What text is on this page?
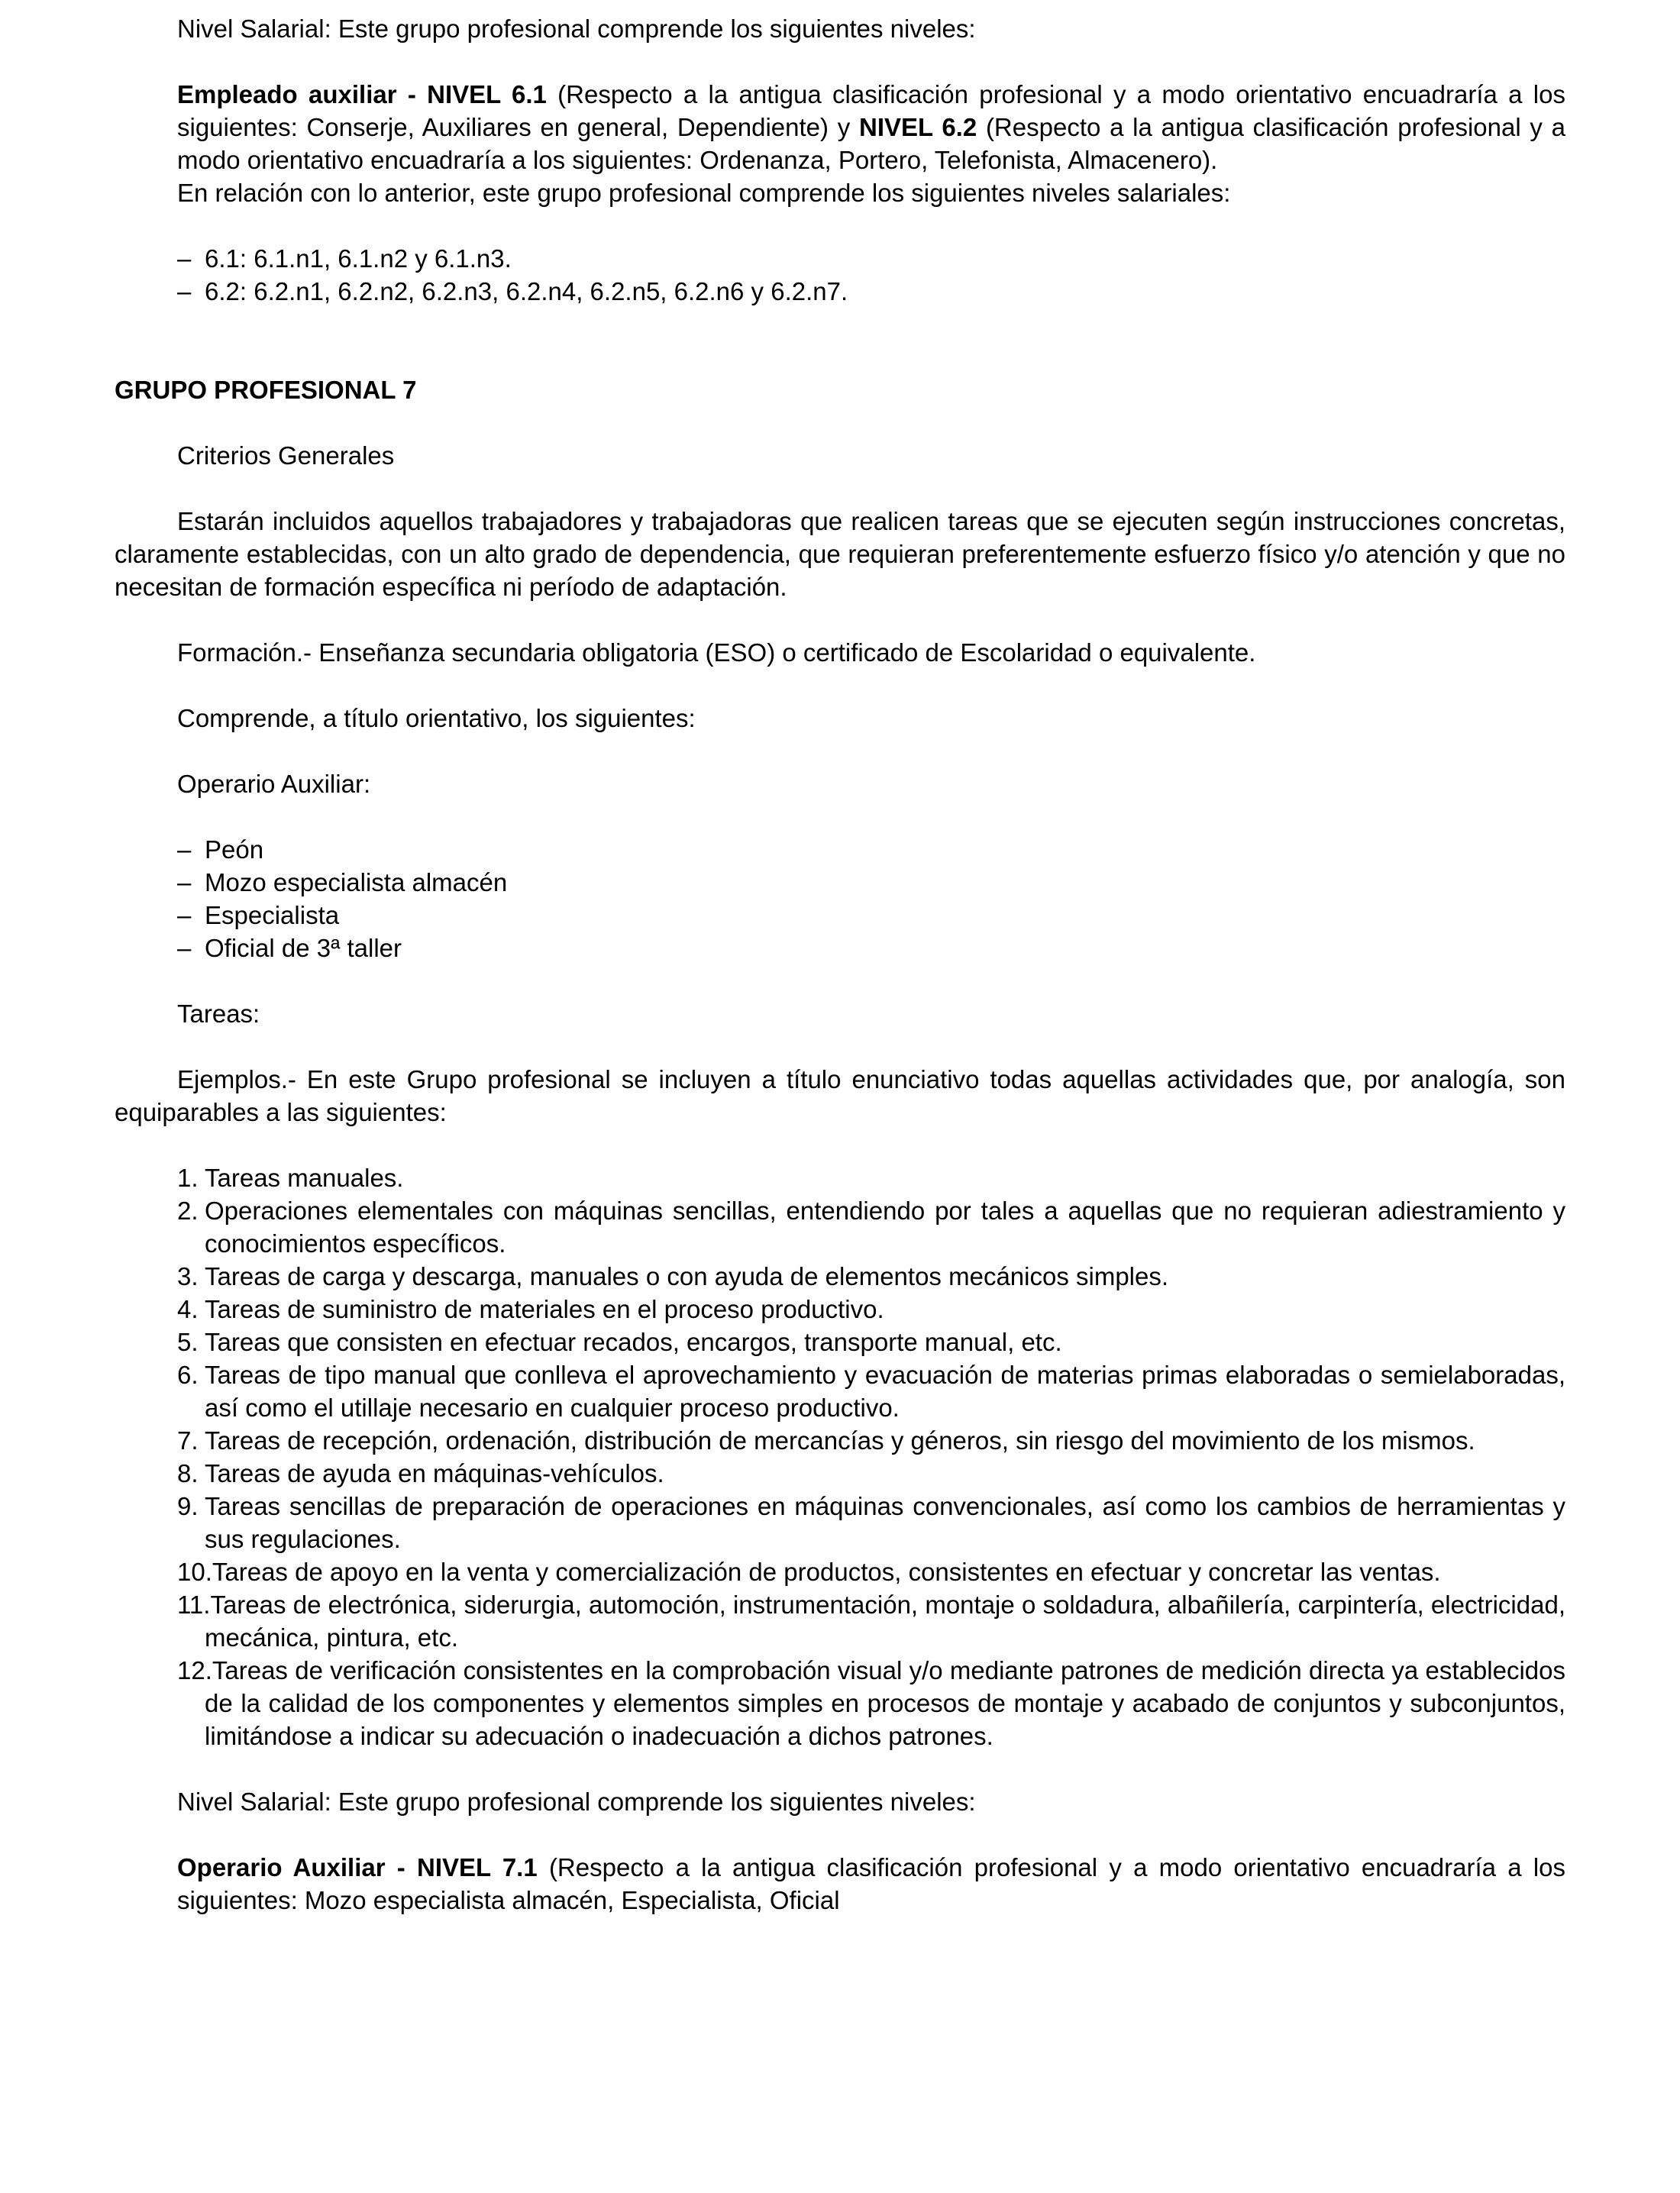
Nivel Salarial: Este grupo profesional comprende los siguientes niveles:

Empleado auxiliar - NIVEL 6.1 (Respecto a la antigua clasificación profesional y a modo orientativo encuadraría a los siguientes: Conserje, Auxiliares en general, Dependiente) y NIVEL 6.2 (Respecto a la antigua clasificación profesional y a modo orientativo encuadraría a los siguientes: Ordenanza, Portero, Telefonista, Almacenero).

En relación con lo anterior, este grupo profesional comprende los siguientes niveles salariales:

– 6.1: 6.1.n1, 6.1.n2 y 6.1.n3.
– 6.2: 6.2.n1, 6.2.n2, 6.2.n3, 6.2.n4, 6.2.n5, 6.2.n6 y 6.2.n7.
GRUPO PROFESIONAL 7

Criterios Generales

Estarán incluidos aquellos trabajadores y trabajadoras que realicen tareas que se ejecuten según instrucciones concretas, claramente establecidas, con un alto grado de dependencia, que requieran preferentemente esfuerzo físico y/o atención y que no necesitan de formación específica ni período de adaptación.

Formación.- Enseñanza secundaria obligatoria (ESO) o certificado de Escolaridad o equivalente.

Comprende, a título orientativo, los siguientes:

Operario Auxiliar:

– Peón
– Mozo especialista almacén
– Especialista
– Oficial de 3ª taller

Tareas:

Ejemplos.- En este Grupo profesional se incluyen a título enunciativo todas aquellas actividades que, por analogía, son equiparables a las siguientes:

1. Tareas manuales.
2. Operaciones elementales con máquinas sencillas, entendiendo por tales a aquellas que no requieran adiestramiento y conocimientos específicos.
3. Tareas de carga y descarga, manuales o con ayuda de elementos mecánicos simples.
4. Tareas de suministro de materiales en el proceso productivo.
5. Tareas que consisten en efectuar recados, encargos, transporte manual, etc.
6. Tareas de tipo manual que conlleva el aprovechamiento y evacuación de materias primas elaboradas o semielaboradas, así como el utillaje necesario en cualquier proceso productivo.
7. Tareas de recepción, ordenación, distribución de mercancías y géneros, sin riesgo del movimiento de los mismos.
8. Tareas de ayuda en máquinas-vehículos.
9. Tareas sencillas de preparación de operaciones en máquinas convencionales, así como los cambios de herramientas y sus regulaciones.
10.Tareas de apoyo en la venta y comercialización de productos, consistentes en efectuar y concretar las ventas.
11.Tareas de electrónica, siderurgia, automoción, instrumentación, montaje o soldadura, albañilería, carpintería, electricidad, mecánica, pintura, etc.
12.Tareas de verificación consistentes en la comprobación visual y/o mediante patrones de medición directa ya establecidos de la calidad de los componentes y elementos simples en procesos de montaje y acabado de conjuntos y subconjuntos, limitándose a indicar su adecuación o inadecuación a dichos patrones.

Nivel Salarial: Este grupo profesional comprende los siguientes niveles:

Operario Auxiliar - NIVEL 7.1 (Respecto a la antigua clasificación profesional y a modo orientativo encuadraría a los siguientes: Mozo especialista almacén, Especialista, Oficial
